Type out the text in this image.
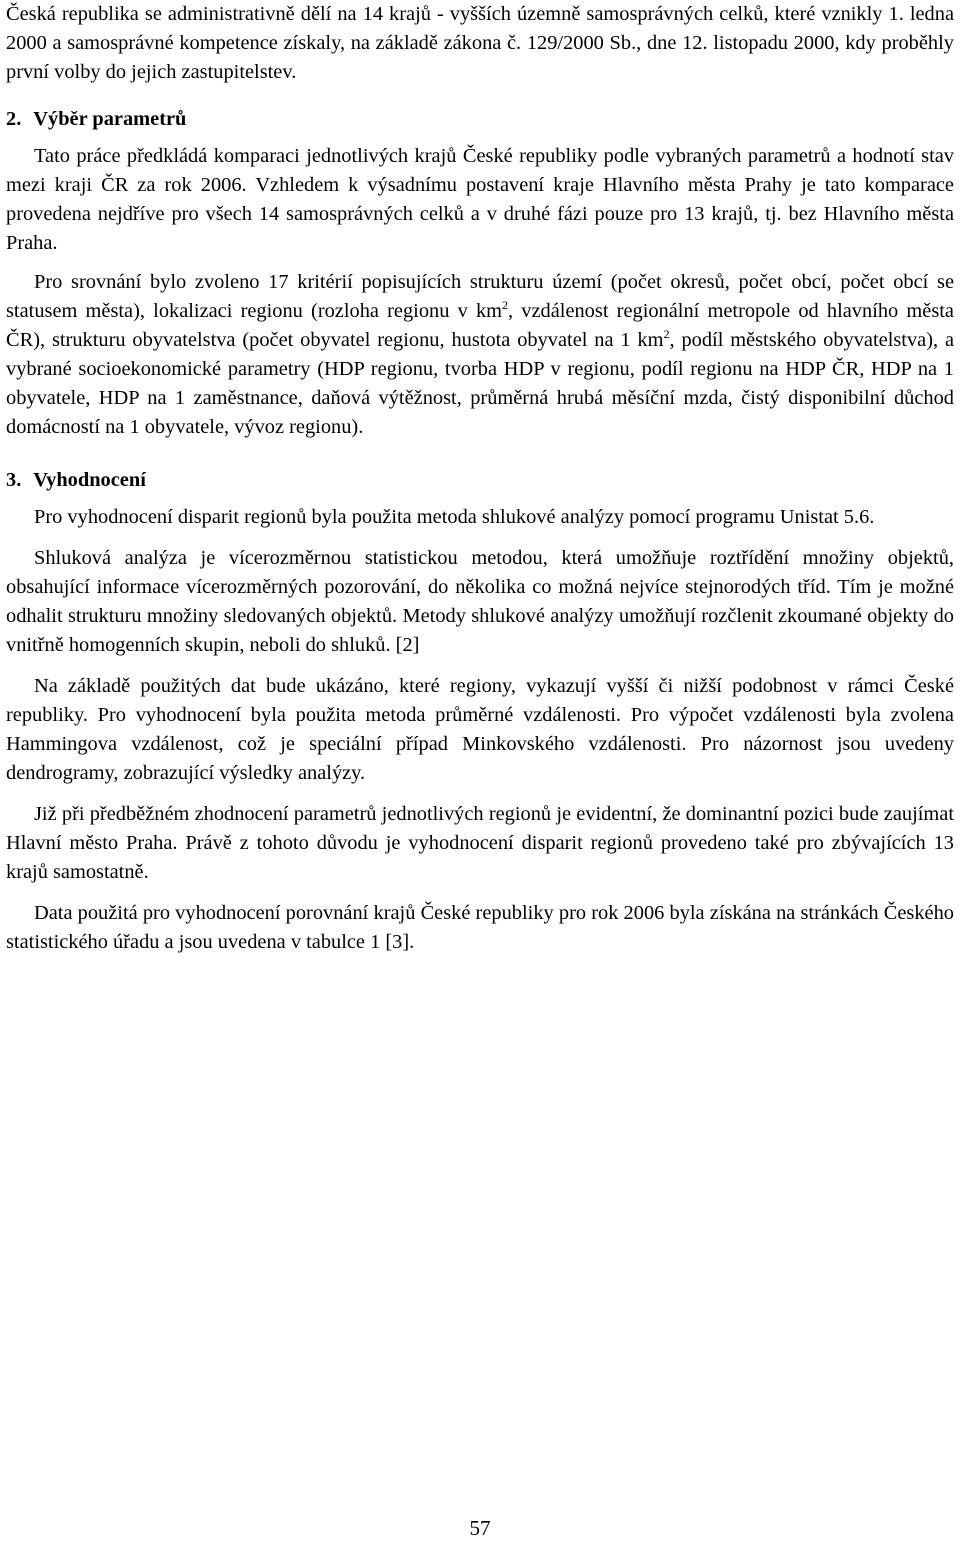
Česká republika se administrativně dělí na 14 krajů - vyšších územně samosprávných celků, které vznikly 1. ledna 2000 a samosprávné kompetence získaly, na základě zákona č. 129/2000 Sb., dne 12. listopadu 2000, kdy proběhly první volby do jejich zastupitelstev.

2. Výběr parametrů

Tato práce předkládá komparaci jednotlivých krajů České republiky podle vybraných parametrů a hodnotí stav mezi kraji ČR za rok 2006. Vzhledem k výsadnímu postavení kraje Hlavního města Prahy je tato komparace provedena nejdříve pro všech 14 samosprávných celků a v druhé fázi pouze pro 13 krajů, tj. bez Hlavního města Praha.

Pro srovnání bylo zvoleno 17 kritérií popisujících strukturu území (počet okresů, počet obcí, počet obcí se statusem města), lokalizaci regionu (rozloha regionu v $km^2$, vzdálenost regionální metropole od hlavního města ČR), strukturu obyvatelstva (počet obyvatel regionu, hustota obyvatel na 1 $km^2$, podíl městského obyvatelstva), a vybrané socioekonomické parametry (HDP regionu, tvorba HDP v regionu, podíl regionu na HDP ČR, HDP na 1 obyvatele, HDP na 1 zaměstnance, daňová výtěžnost, průměrná hrubá měsíční mzda, čistý disponibilní důchod domácností na 1 obyvatele, vývoz regionu).

3. Vyhodnocení

Pro vyhodnocení disparit regionů byla použita metoda shlukové analýzy pomocí programu Unistat 5.6.

Shluková analýza je vícerozměrnou statistickou metodou, která umožňuje roztřídění množiny objektů, obsahující informace vícerozměrných pozorování, do několika co možná nejvíce stejnorodých tříd. Tím je možné odhalit strukturu množiny sledovaných objektů. Metody shlukové analýzy umožňují rozčlenit zkoumané objekty do vnitřně homogenních skupin, neboli do shluků. [2]

Na základě použitých dat bude ukázáno, které regiony, vykazují vyšší či nižší podobnost v rámci České republiky. Pro vyhodnocení byla použita metoda průměrné vzdálenosti. Pro výpočet vzdálenosti byla zvolena Hammingova vzdálenost, což je speciální případ Minkovského vzdálenosti. Pro názornost jsou uvedeny dendrogramy, zobrazující výsledky analýzy.

Již při předběžném zhodnocení parametrů jednotlivých regionů je evidentní, že dominantní pozici bude zaujímat Hlavní město Praha. Právě z tohoto důvodu je vyhodnocení disparit regionů provedeno také pro zbývajících 13 krajů samostatně.

Data použitá pro vyhodnocení porovnání krajů České republiky pro rok 2006 byla získána na stránkách Českého statistického úřadu a jsou uvedena v tabulce 1 [3].

57
